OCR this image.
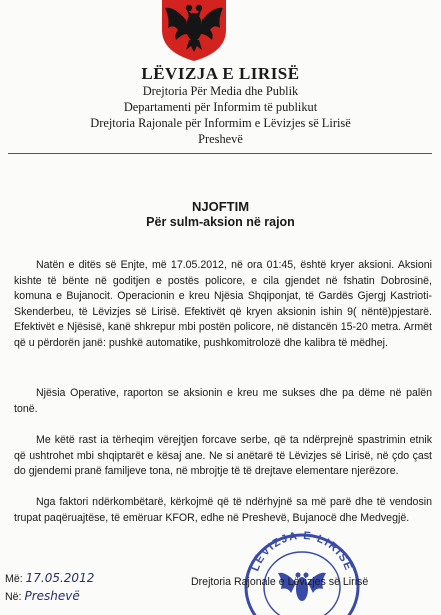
LËVIZJA E LIRISË
Drejtoria Për Media dhe Publik
Departamenti për Informim të publikut
Drejtoria Rajonale për Informim e Lëvizjes së Lirisë
Preshevë
NJOFTIM
Për sulm-aksion në rajon

Natën e ditës së Enjte, më 17.05.2012, në ora 01:45, është kryer aksioni. Aksioni kishte të bënte në goditjen e postës policore, e cila gjendet në fshatin Dobrosinë, komuna e Bujanocit. Operacionin e kreu Njësia Shqiponjat, të Gardës Gjergj Kastrioti-Skenderbeu, të Lëvizjes së Lirisë. Efektivët që kryen aksionin ishin 9( nëntë)pjestarë. Efektivët e Njësisë, kanë shkrepur mbi postën policore, në distancën 15-20 metra. Armët që u përdorën janë: pushkë automatike, pushkomitrolozë dhe kalibra të mëdhej.

Njësia Operative, raporton se aksionin e kreu me sukses dhe pa dëme në palën tonë.

Me këtë rast ia tërheqim vërejtjen forcave serbe, që ta ndërprejnë spastrimin etnik që ushtrohet mbi shqiptarët e kësaj ane. Ne si anëtarë të Lëvizjes së Lirisë, në çdo çast do gjendemi pranë familjeve tona, në mbrojtje të të drejtave elementare njerëzore.

Nga faktori ndërkombëtarë, kërkojmë që të ndërhyjnë sa më parë dhe të vendosin trupat paqëruajtëse, të emëruar KFOR, edhe në Preshevë, Bujanocë dhe Medvegjë.

LËVIZJA E LIRISË
Më: 17.05.2012
Në: Preshevë
Drejtoria Rajonale e Lëvizjes së Lirisë
